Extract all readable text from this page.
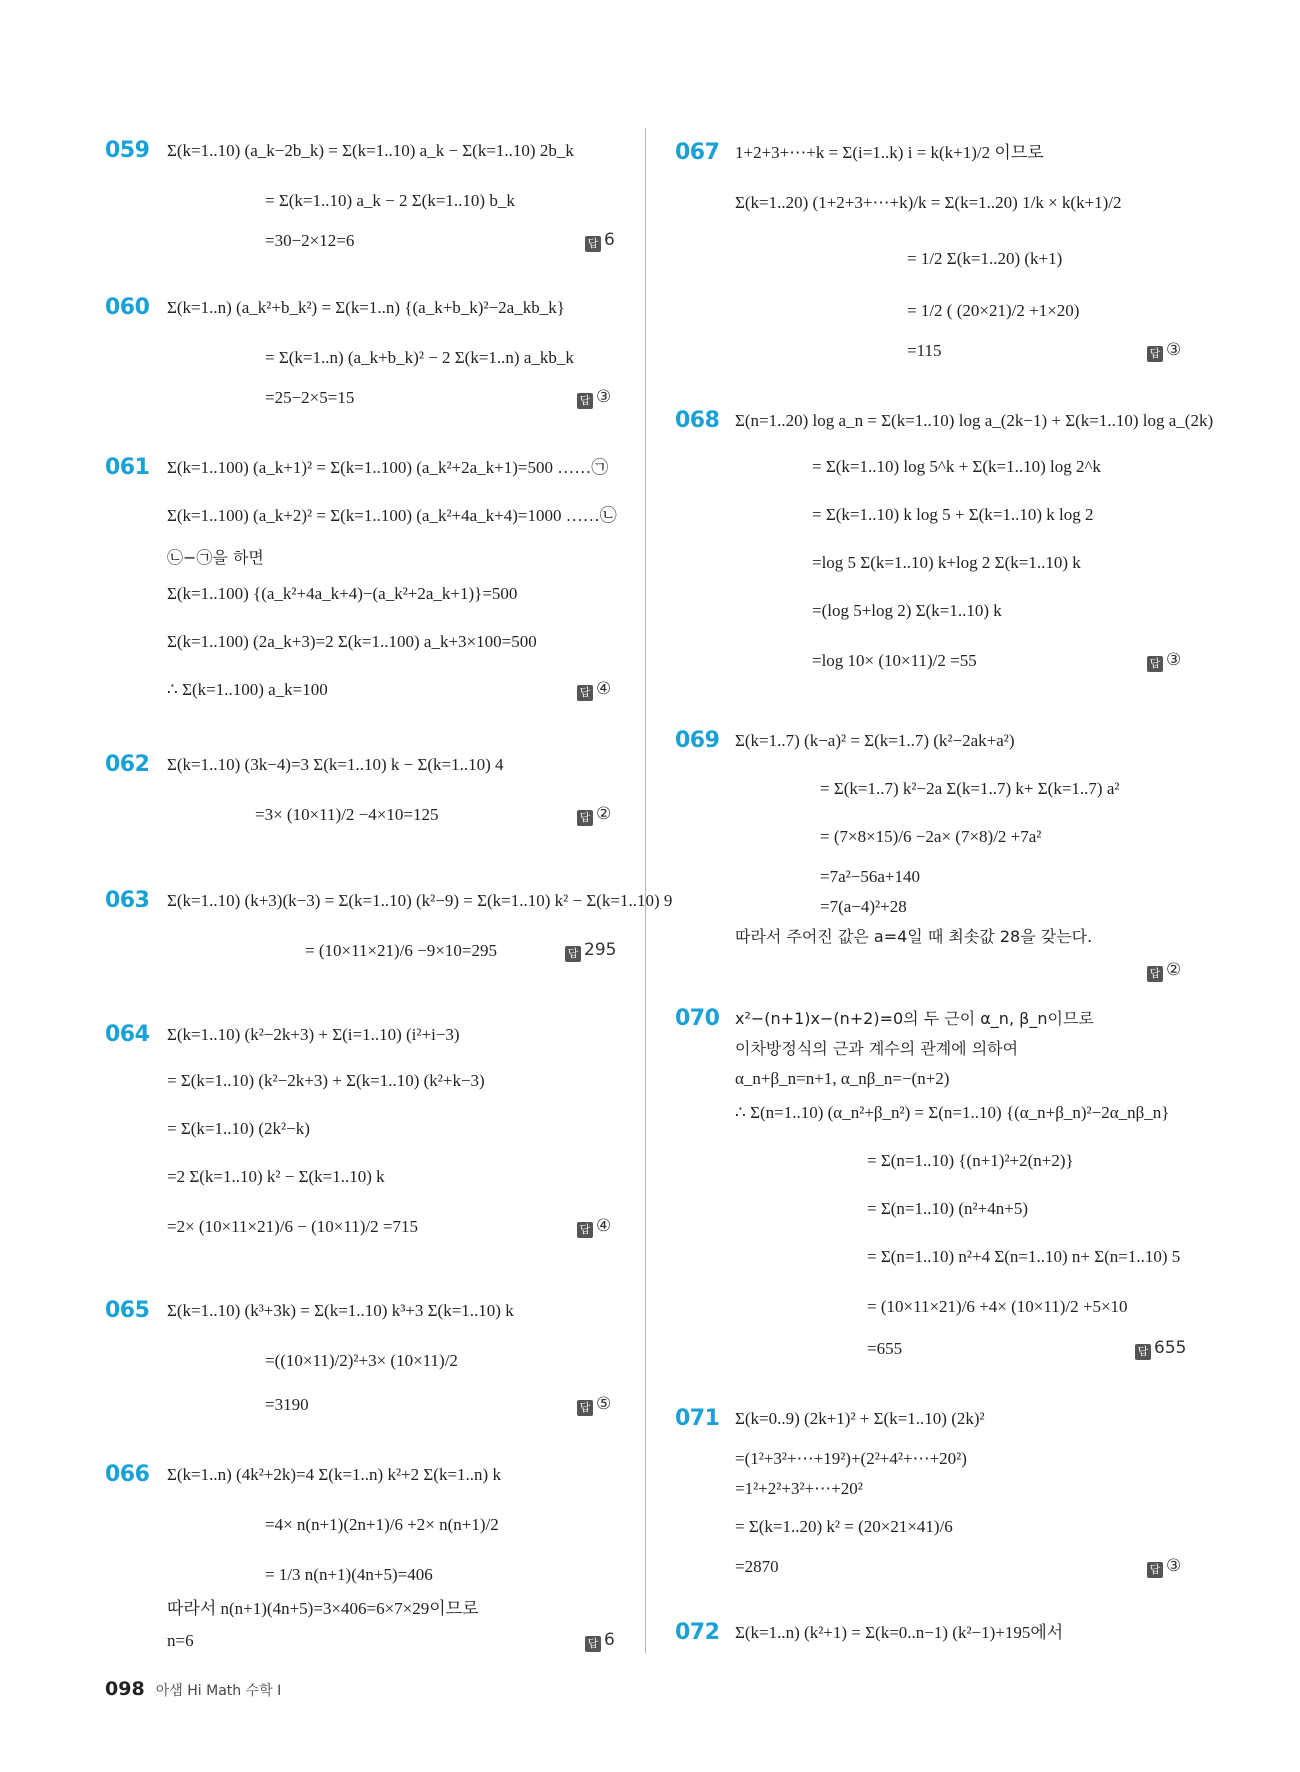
059 Σ(k=1..10) (a_k−2b_k) = Σ(k=1..10) a_k − Σ(k=1..10) 2b_k
= Σ(k=1..10) a_k − 2 Σ(k=1..10) b_k
=30−2×12=6	답 6
060 Σ(k=1..n) (a_k²+b_k²) = Σ(k=1..n) {(a_k+b_k)²−2a_kb_k}
= Σ(k=1..n) (a_k+b_k)² − 2 Σ(k=1..n) a_kb_k
=25−2×5=15	답 ③
061 Σ(k=1..100) (a_k+1)² = Σ(k=1..100) (a_k²+2a_k+1)=500 ……㉠
Σ(k=1..100) (a_k+2)² = Σ(k=1..100) (a_k²+4a_k+4)=1000 ……㉡
㉡−㉠을 하면
Σ(k=1..100) {(a_k²+4a_k+4)−(a_k²+2a_k+1)}=500
Σ(k=1..100) (2a_k+3)=2 Σ(k=1..100) a_k+3×100=500
∴ Σ(k=1..100) a_k=100	답 ④
062 Σ(k=1..10) (3k−4)=3 Σ(k=1..10) k − Σ(k=1..10) 4
=3× (10×11)/2 −4×10=125	답 ②
063 Σ(k=1..10) (k+3)(k−3) = Σ(k=1..10) (k²−9) = Σ(k=1..10) k² − Σ(k=1..10) 9
= (10×11×21)/6 −9×10=295	답 295
064 Σ(k=1..10) (k²−2k+3) + Σ(i=1..10) (i²+i−3)
= Σ(k=1..10) (k²−2k+3) + Σ(k=1..10) (k²+k−3)
= Σ(k=1..10) (2k²−k)
=2 Σ(k=1..10) k² − Σ(k=1..10) k
=2× (10×11×21)/6 − (10×11)/2 =715	답 ④
065 Σ(k=1..10) (k³+3k) = Σ(k=1..10) k³+3 Σ(k=1..10) k
=((10×11)/2)²+3× (10×11)/2
=3190	답 ⑤
066 Σ(k=1..n) (4k²+2k)=4 Σ(k=1..n) k²+2 Σ(k=1..n) k
=4× n(n+1)(2n+1)/6 +2× n(n+1)/2
= 1/3 n(n+1)(4n+5)=406
따라서 n(n+1)(4n+5)=3×406=6×7×29이므로
n=6	답 6
067 1+2+3+⋯+k = Σ(i=1..k) i = k(k+1)/2 이므로
Σ(k=1..20) (1+2+3+⋯+k)/k = Σ(k=1..20) 1/k × k(k+1)/2
= 1/2 Σ(k=1..20) (k+1)
= 1/2 ( (20×21)/2 +1×20)
=115	답 ③
068 Σ(n=1..20) log a_n = Σ(k=1..10) log a_(2k−1) + Σ(k=1..10) log a_(2k)
= Σ(k=1..10) log 5^k + Σ(k=1..10) log 2^k
= Σ(k=1..10) k log 5 + Σ(k=1..10) k log 2
=log 5 Σ(k=1..10) k+log 2 Σ(k=1..10) k
=(log 5+log 2) Σ(k=1..10) k
=log 10× (10×11)/2 =55	답 ③
069 Σ(k=1..7) (k−a)² = Σ(k=1..7) (k²−2ak+a²)
= Σ(k=1..7) k²−2a Σ(k=1..7) k+ Σ(k=1..7) a²
= (7×8×15)/6 −2a× (7×8)/2 +7a²
=7a²−56a+140
=7(a−4)²+28
따라서 주어진 값은 a=4일 때 최솟값 28을 갖는다.
답 ②
070 x²−(n+1)x−(n+2)=0의 두 근이 α_n, β_n이므로
이차방정식의 근과 계수의 관계에 의하여
α_n+β_n=n+1, α_nβ_n=−(n+2)
∴ Σ(n=1..10) (α_n²+β_n²) = Σ(n=1..10) {(α_n+β_n)²−2α_nβ_n}
= Σ(n=1..10) {(n+1)²+2(n+2)}
= Σ(n=1..10) (n²+4n+5)
= Σ(n=1..10) n²+4 Σ(n=1..10) n+ Σ(n=1..10) 5
= (10×11×21)/6 +4× (10×11)/2 +5×10
=655	답 655
071 Σ(k=0..9) (2k+1)² + Σ(k=1..10) (2k)²
=(1²+3²+⋯+19²)+(2²+4²+⋯+20²)
=1²+2²+3²+⋯+20²
= Σ(k=1..20) k² = (20×21×41)/6
=2870	답 ③
072 Σ(k=1..n) (k²+1) = Σ(k=0..n−1) (k²−1)+195에서
098 아샘 Hi Math 수학 I
